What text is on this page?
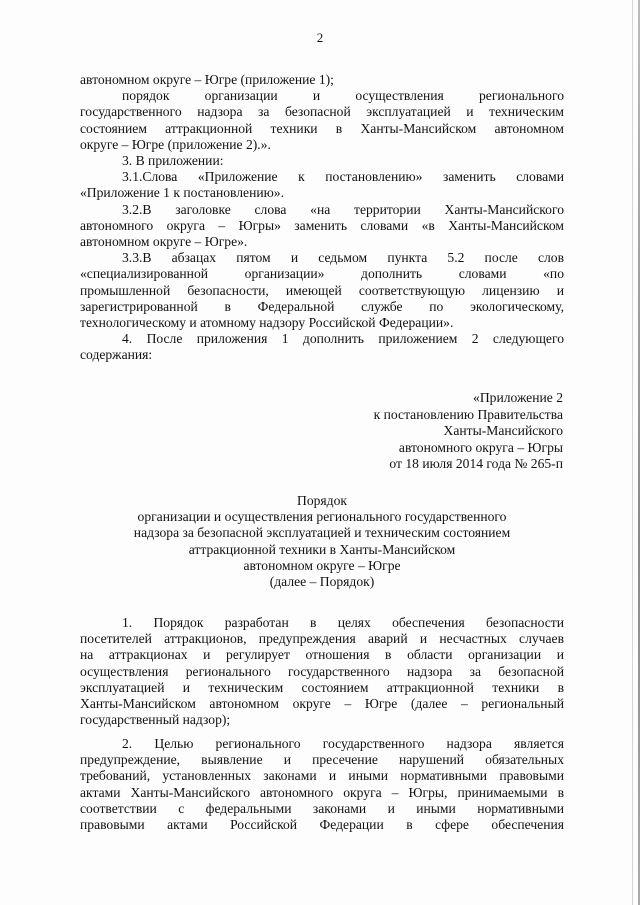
2
автономном округе – Югре (приложение 1);
порядок организации и осуществления регионального
государственного надзора за безопасной эксплуатацией и техническим
состоянием аттракционной техники в Ханты-Мансийском автономном
округе – Югре (приложение 2).».
3. В приложении:
3.1.Слова «Приложение к постановлению» заменить словами
«Приложение 1 к постановлению».
3.2.В заголовке слова «на территории Ханты-Мансийского
автономного округа – Югры» заменить словами «в Ханты-Мансийском
автономном округе – Югре».
3.3.В абзацах пятом и седьмом пункта 5.2 после слов
«специализированной организации» дополнить словами «по
промышленной безопасности, имеющей соответствующую лицензию и
зарегистрированной в Федеральной службе по экологическому,
технологическому и атомному надзору Российской Федерации».
4. После приложения 1 дополнить приложением 2 следующего
содержания:
«Приложение 2
к постановлению Правительства
Ханты-Мансийского
автономного округа – Югры
от 18 июля 2014 года № 265-п
Порядок
организации и осуществления регионального государственного
надзора за безопасной эксплуатацией и техническим состоянием
аттракционной техники в Ханты-Мансийском
автономном округе – Югре
(далее – Порядок)
1. Порядок разработан в целях обеспечения безопасности
посетителей аттракционов, предупреждения аварий и несчастных случаев
на аттракционах и регулирует отношения в области организации и
осуществления регионального государственного надзора за безопасной
эксплуатацией и техническим состоянием аттракционной техники в
Ханты-Мансийском автономном округе – Югре (далее – региональный
государственный надзор);
2. Целью регионального государственного надзора является
предупреждение, выявление и пресечение нарушений обязательных
требований, установленных законами и иными нормативными правовыми
актами Ханты-Мансийского автономного округа – Югры, принимаемыми в
соответствии с федеральными законами и иными нормативными
правовыми актами Российской Федерации в сфере обеспечения
